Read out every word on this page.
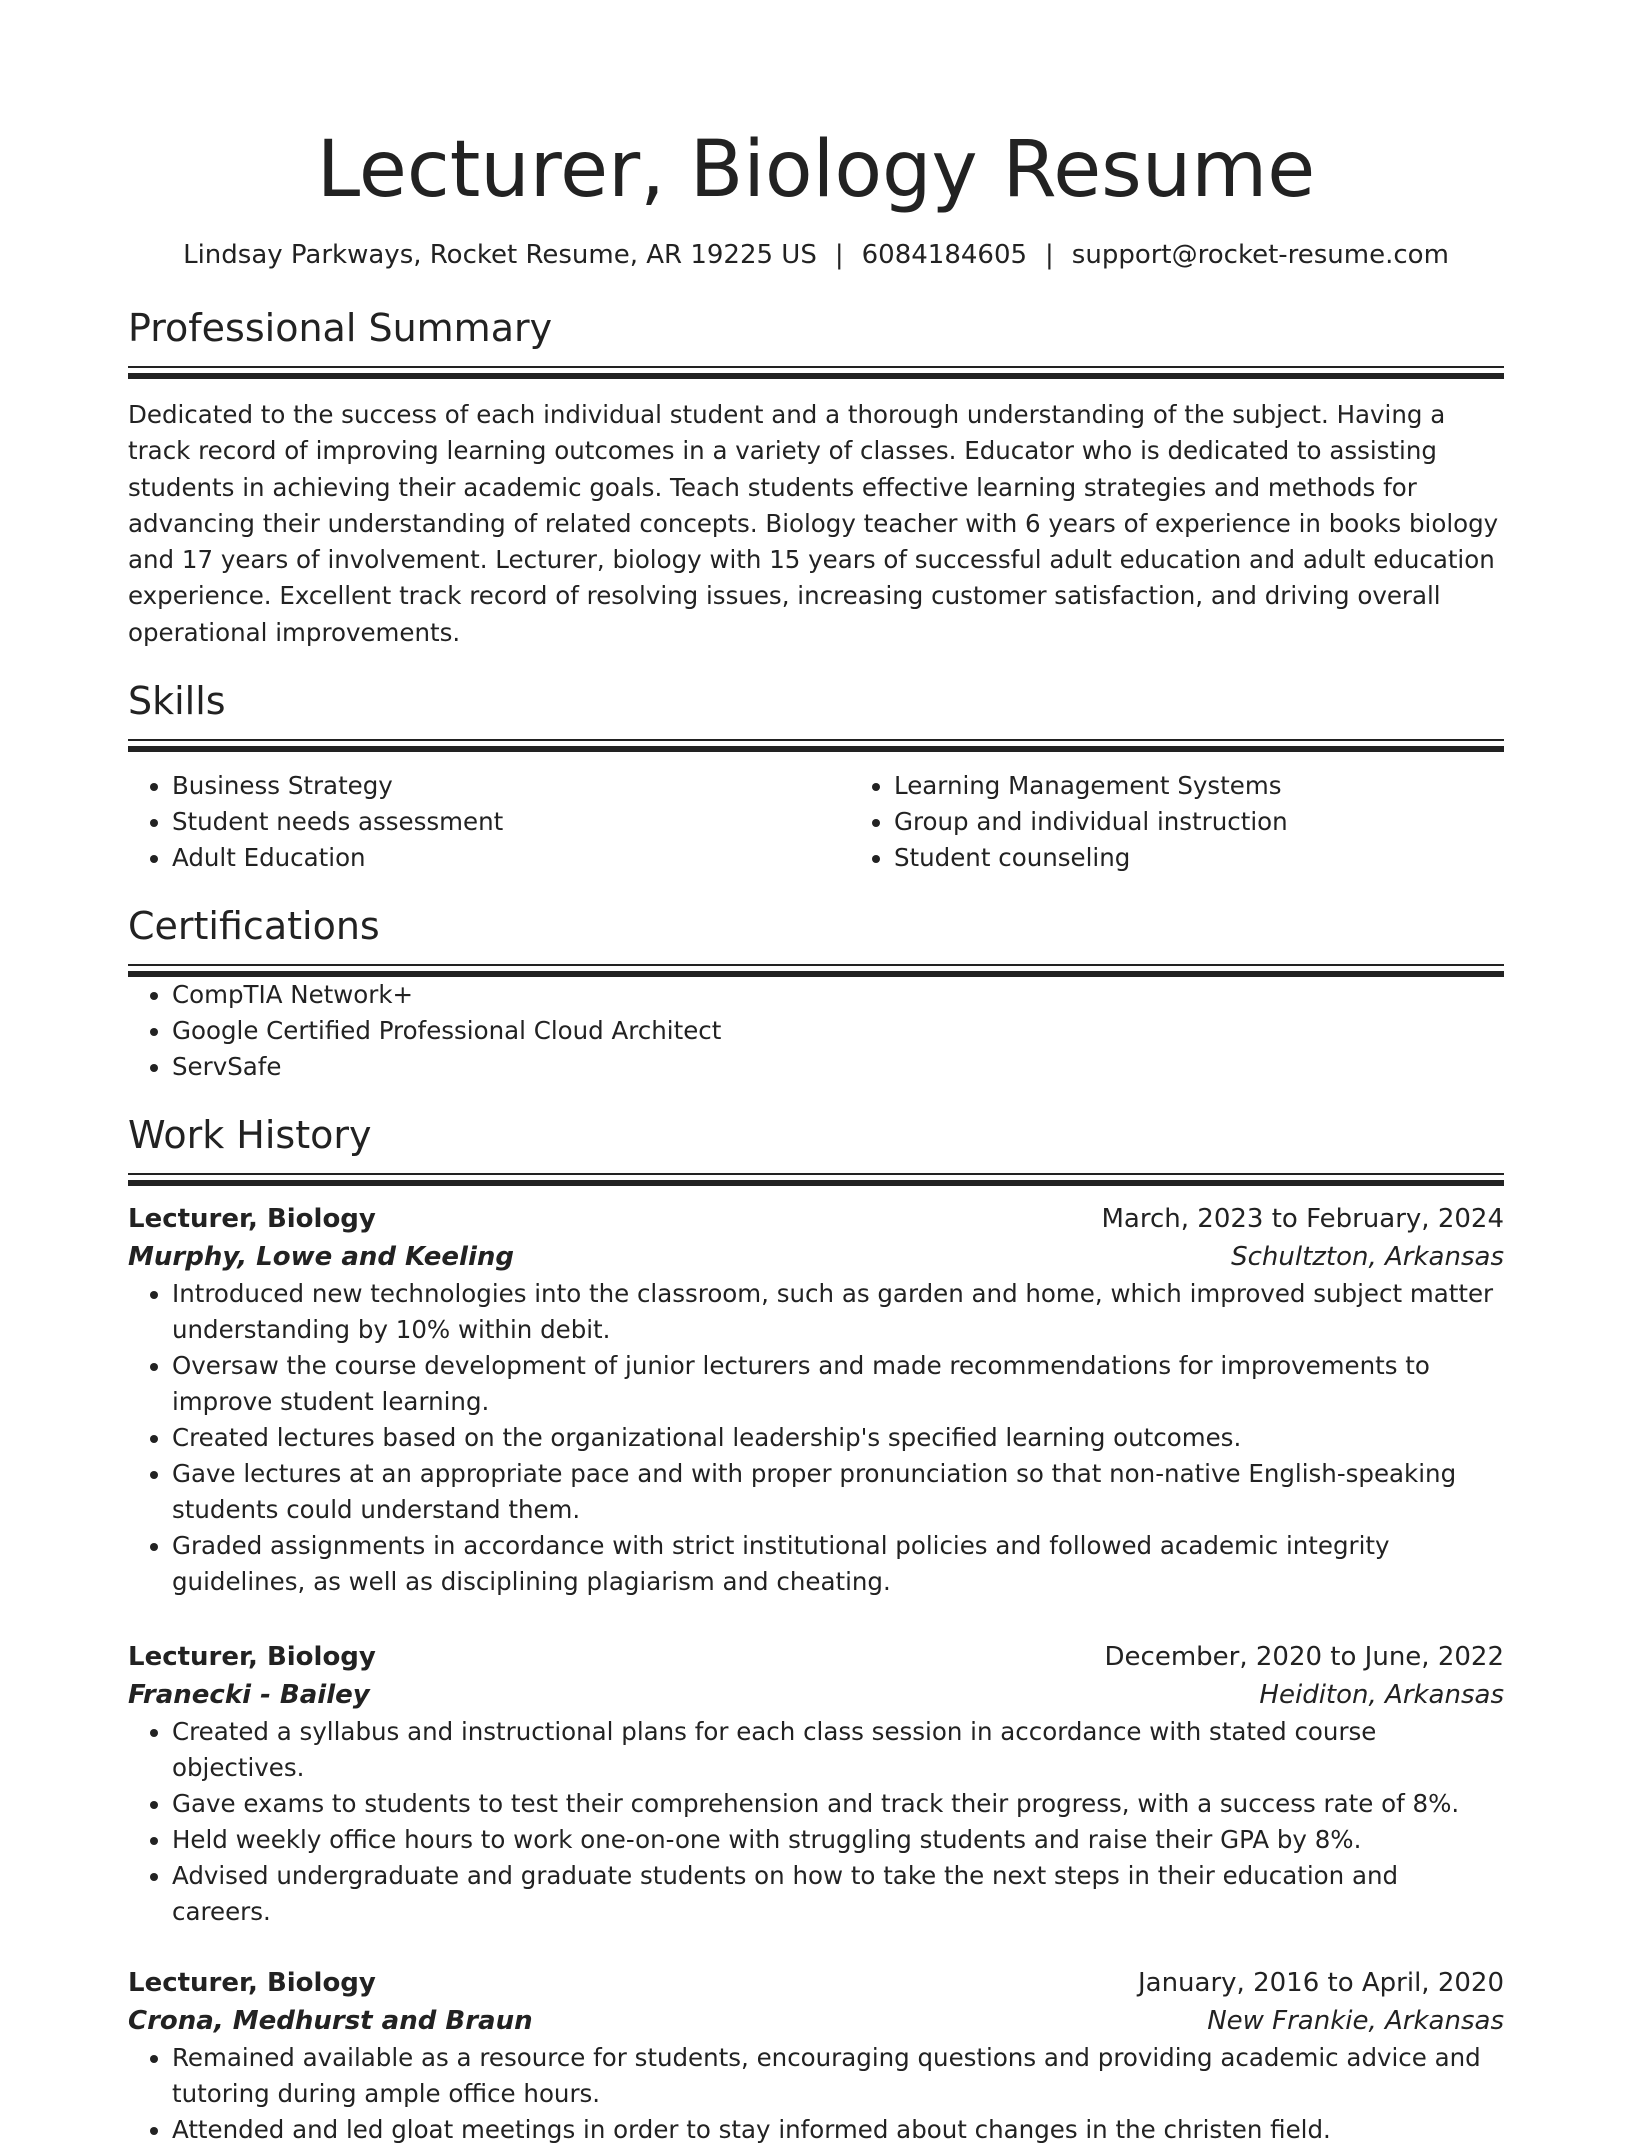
Lecturer, Biology Resume
Lindsay Parkways, Rocket Resume, AR 19225 US | 6084184605 | support@rocket-resume.com
Professional Summary

Dedicated to the success of each individual student and a thorough understanding of the subject. Having a track record of improving learning outcomes in a variety of classes. Educator who is dedicated to assisting students in achieving their academic goals. Teach students effective learning strategies and methods for advancing their understanding of related concepts. Biology teacher with 6 years of experience in books biology and 17 years of involvement. Lecturer, biology with 15 years of successful adult education and adult education experience. Excellent track record of resolving issues, increasing customer satisfaction, and driving overall operational improvements.

Skills
• Business Strategy
• Student needs assessment
• Adult Education
• Learning Management Systems
• Group and individual instruction
• Student counseling
Certifications
• CompTIA Network+
• Google Certified Professional Cloud Architect
• ServSafe
Work History
Lecturer, Biology	March, 2023 to February, 2024
Murphy, Lowe and Keeling	Schultzton, Arkansas
• Introduced new technologies into the classroom, such as garden and home, which improved subject matter understanding by 10% within debit.
• Oversaw the course development of junior lecturers and made recommendations for improvements to improve student learning.
• Created lectures based on the organizational leadership's specified learning outcomes.
• Gave lectures at an appropriate pace and with proper pronunciation so that non-native English-speaking students could understand them.
• Graded assignments in accordance with strict institutional policies and followed academic integrity guidelines, as well as disciplining plagiarism and cheating.
Lecturer, Biology	December, 2020 to June, 2022
Franecki - Bailey	Heiditon, Arkansas
• Created a syllabus and instructional plans for each class session in accordance with stated course objectives.
• Gave exams to students to test their comprehension and track their progress, with a success rate of 8%.
• Held weekly office hours to work one-on-one with struggling students and raise their GPA by 8%.
• Advised undergraduate and graduate students on how to take the next steps in their education and careers.
Lecturer, Biology	January, 2016 to April, 2020
Crona, Medhurst and Braun	New Frankie, Arkansas
• Remained available as a resource for students, encouraging questions and providing academic advice and tutoring during ample office hours.
• Attended and led gloat meetings in order to stay informed about changes in the christen field.
